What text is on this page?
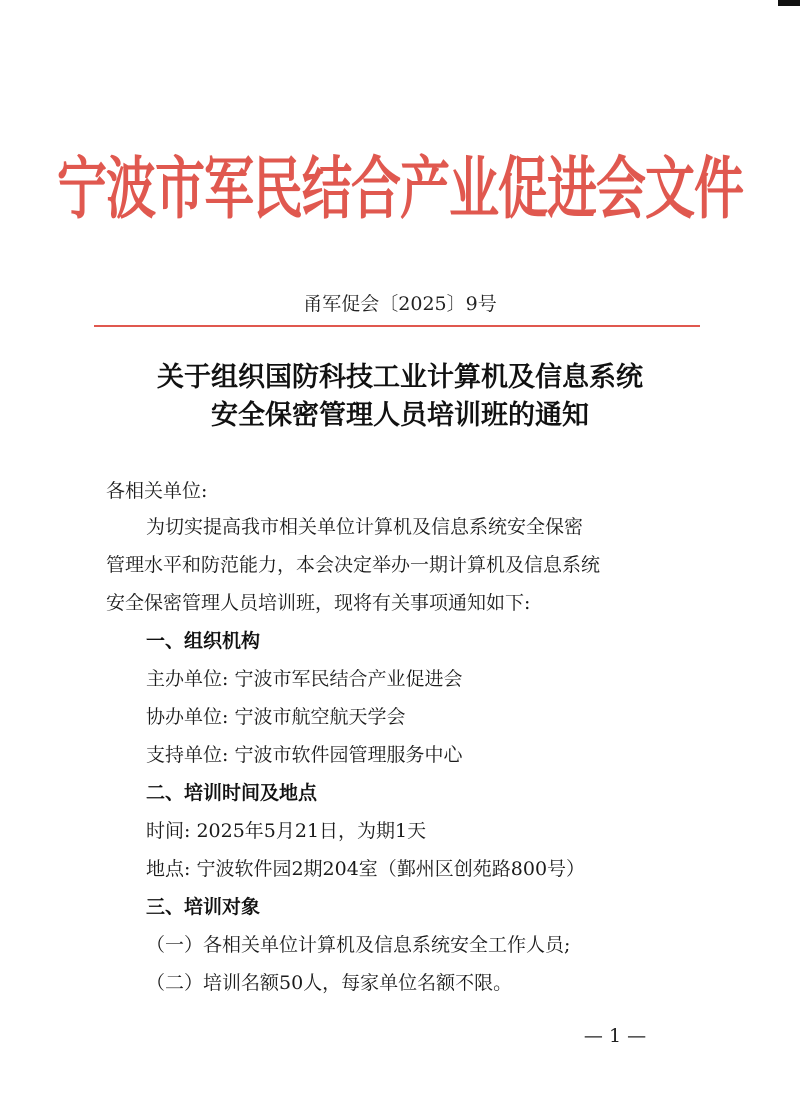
宁波市军民结合产业促进会文件
甬军促会〔2025〕9号
关于组织国防科技工业计算机及信息系统
安全保密管理人员培训班的通知
各相关单位:
为切实提高我市相关单位计算机及信息系统安全保密
管理水平和防范能力，本会决定举办一期计算机及信息系统
安全保密管理人员培训班，现将有关事项通知如下:
一、组织机构
主办单位: 宁波市军民结合产业促进会
协办单位: 宁波市航空航天学会
支持单位: 宁波市软件园管理服务中心
二、培训时间及地点
时间: 2025年5月21日，为期1天
地点: 宁波软件园2期204室（鄞州区创苑路800号）
三、培训对象
（一）各相关单位计算机及信息系统安全工作人员;
（二）培训名额50人，每家单位名额不限。
— 1 —
